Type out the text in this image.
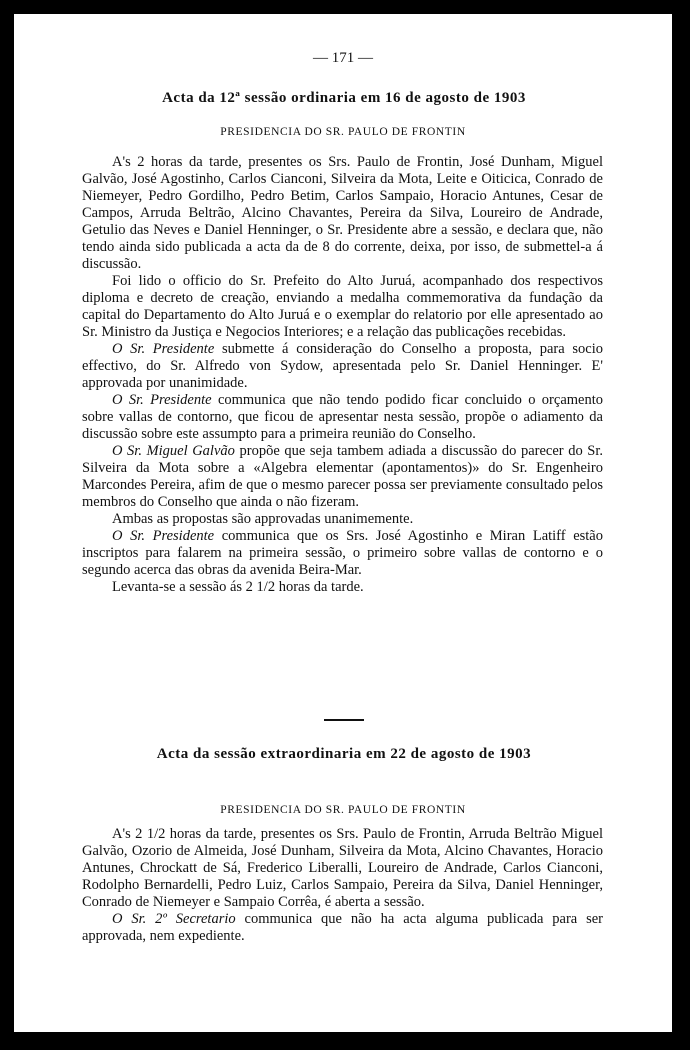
— 171 —
Acta da 12ª sessão ordinaria em 16 de agosto de 1903
PRESIDENCIA DO SR. PAULO DE FRONTIN

A's 2 horas da tarde, presentes os Srs. Paulo de Frontin, José Dunham, Miguel Galvão, José Agostinho, Carlos Cianconi, Silveira da Mota, Leite e Oiticica, Conrado de Niemeyer, Pedro Gordilho, Pedro Betim, Carlos Sampaio, Horacio Antunes, Cesar de Campos, Arruda Beltrão, Alcino Chavantes, Pereira da Silva, Loureiro de Andrade, Getulio das Neves e Daniel Henninger, o Sr. Presidente abre a sessão, e declara que, não tendo ainda sido publicada a acta da de 8 do corrente, deixa, por isso, de submettel-a á discussão.

Foi lido o officio do Sr. Prefeito do Alto Juruá, acompanhado dos respectivos diploma e decreto de creação, enviando a medalha commemorativa da fundação da capital do Departamento do Alto Juruá e o exemplar do relatorio por elle apresentado ao Sr. Ministro da Justiça e Negocios Interiores; e a relação das publicações recebidas.

O Sr. Presidente submette á consideração do Conselho a proposta, para socio effectivo, do Sr. Alfredo von Sydow, apresentada pelo Sr. Daniel Henninger. E' approvada por unanimidade.

O Sr. Presidente communica que não tendo podido ficar concluido o orçamento sobre vallas de contorno, que ficou de apresentar nesta sessão, propõe o adiamento da discussão sobre este assumpto para a primeira reunião do Conselho.

O Sr. Miguel Galvão propõe que seja tambem adiada a discussão do parecer do Sr. Silveira da Mota sobre a «Algebra elementar (apontamentos)» do Sr. Engenheiro Marcondes Pereira, afim de que o mesmo parecer possa ser previamente consultado pelos membros do Conselho que ainda o não fizeram.

Ambas as propostas são approvadas unanimemente.

O Sr. Presidente communica que os Srs. José Agostinho e Miran Latiff estão inscriptos para falarem na primeira sessão, o primeiro sobre vallas de contorno e o segundo acerca das obras da avenida Beira-Mar.

Levanta-se a sessão ás 2 1/2 horas da tarde.

Acta da sessão extraordinaria em 22 de agosto de 1903
PRESIDENCIA DO SR. PAULO DE FRONTIN

A's 2 1/2 horas da tarde, presentes os Srs. Paulo de Frontin, Arruda Beltrão Miguel Galvão, Ozorio de Almeida, José Dunham, Silveira da Mota, Alcino Chavantes, Horacio Antunes, Chrockatt de Sá, Frederico Liberalli, Loureiro de Andrade, Carlos Cianconi, Rodolpho Bernardelli, Pedro Luiz, Carlos Sampaio, Pereira da Silva, Daniel Henninger, Conrado de Niemeyer e Sampaio Corrêa, é aberta a sessão.

O Sr. 2º Secretario communica que não ha acta alguma publicada para ser approvada, nem expediente.
